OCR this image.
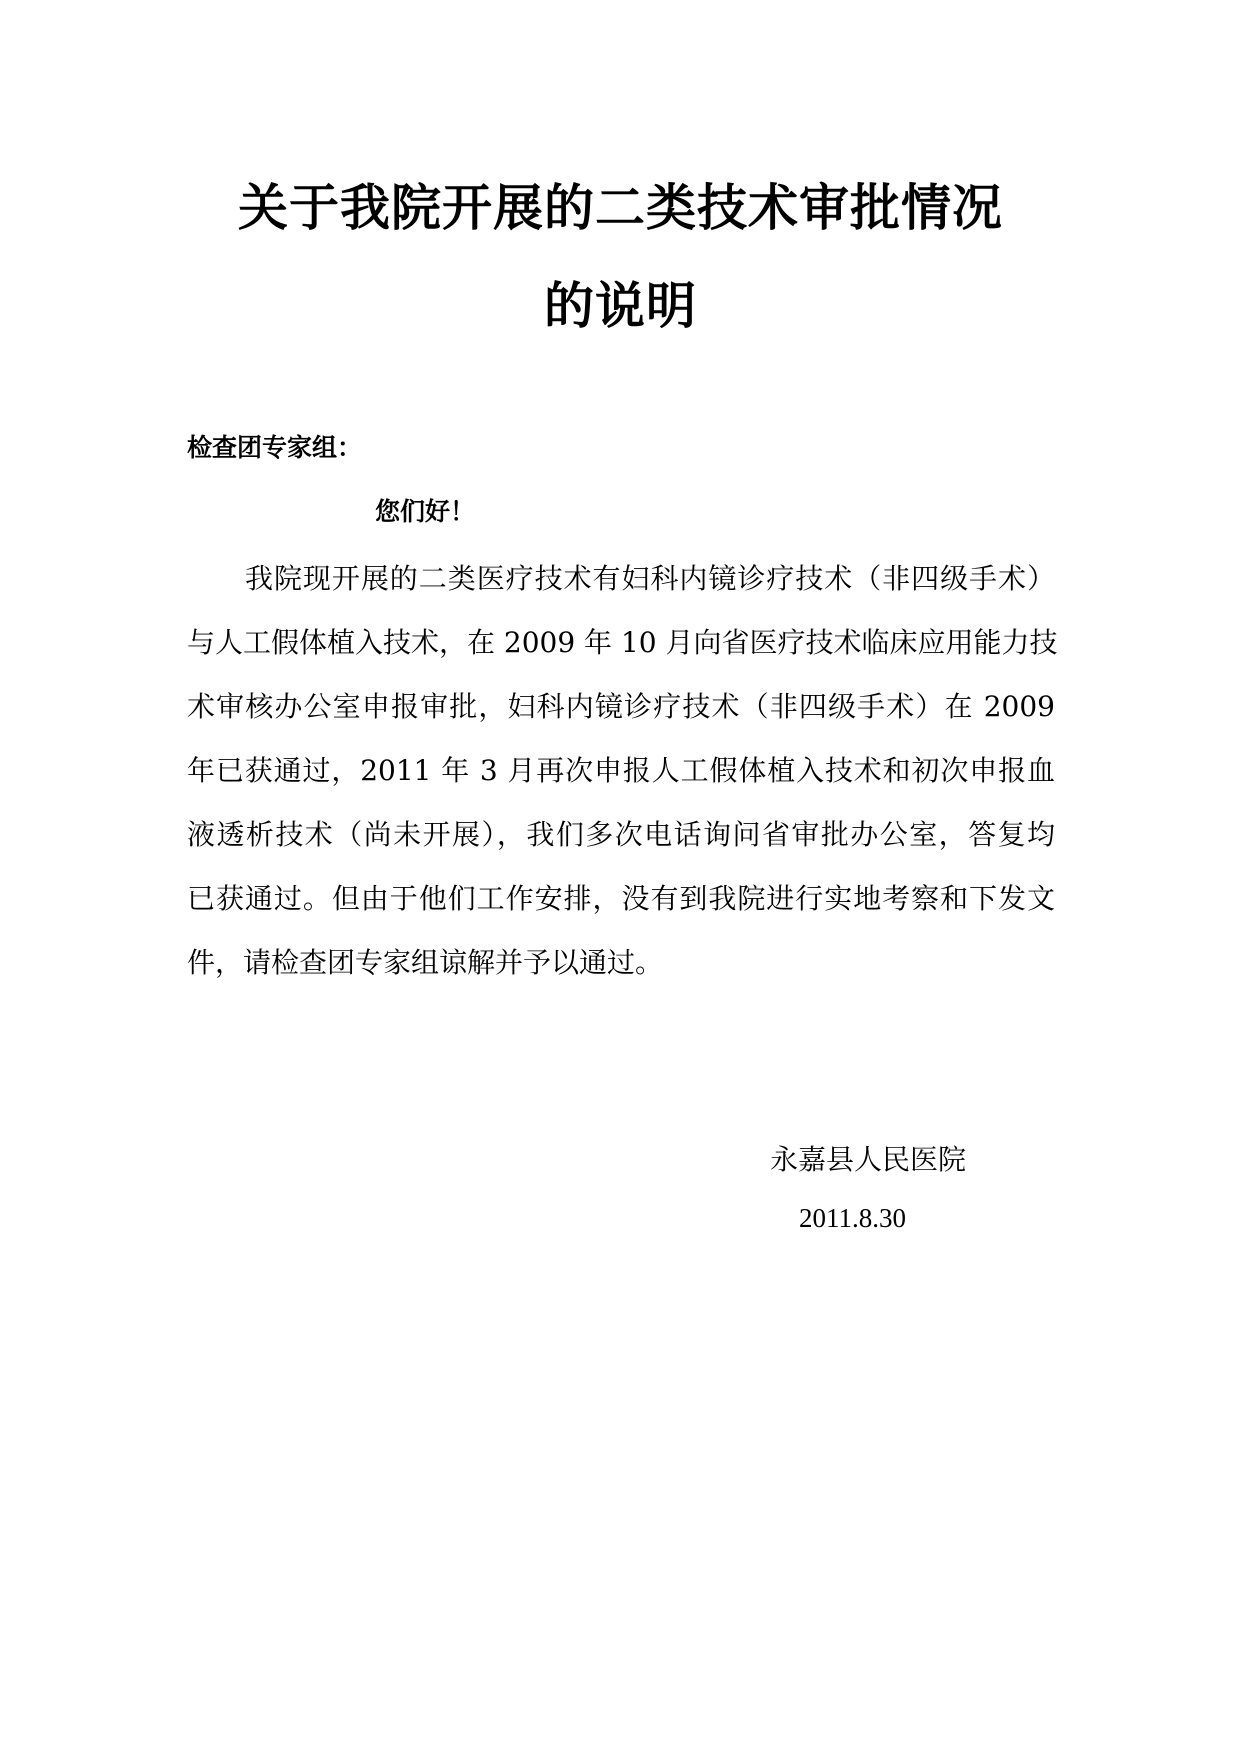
关于我院开展的二类技术审批情况
的说明
检查团专家组：
您们好！
我院现开展的二类医疗技术有妇科内镜诊疗技术（非四级手术）
与人工假体植入技术，在 2009 年 10 月向省医疗技术临床应用能力技
术审核办公室申报审批，妇科内镜诊疗技术（非四级手术）在 2009
年已获通过，2011 年 3 月再次申报人工假体植入技术和初次申报血
液透析技术（尚未开展），我们多次电话询问省审批办公室，答复均
已获通过。但由于他们工作安排，没有到我院进行实地考察和下发文
件，请检查团专家组谅解并予以通过。
永嘉县人民医院
2011.8.30
